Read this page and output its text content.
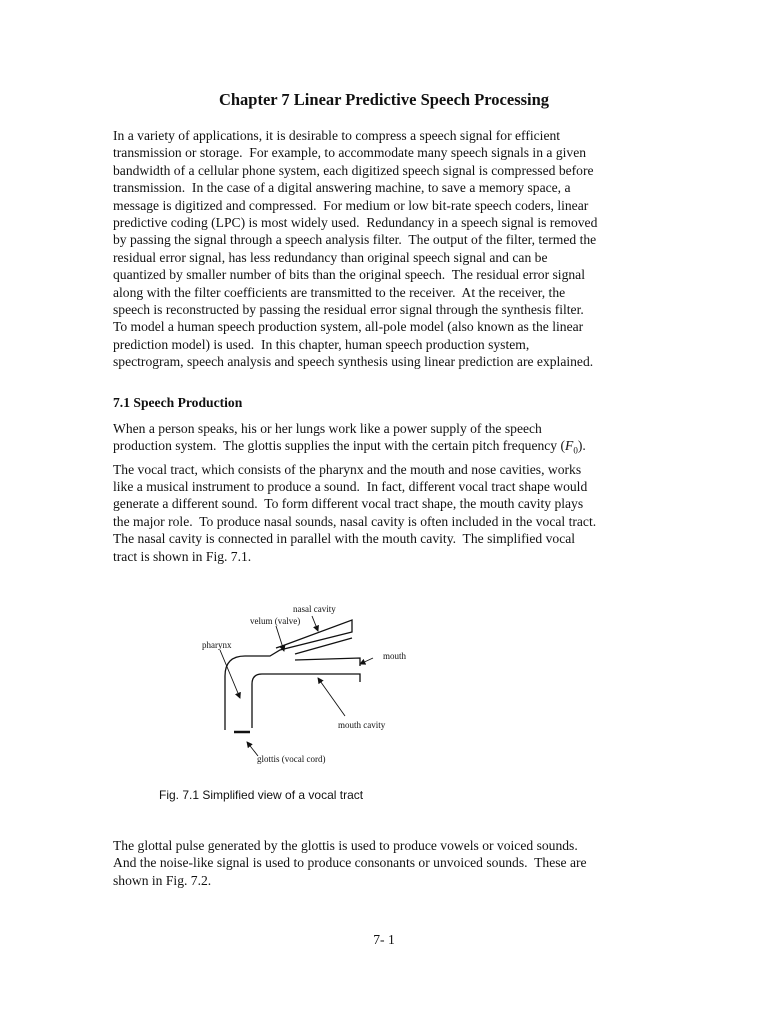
Chapter 7 Linear Predictive Speech Processing

In a variety of applications, it is desirable to compress a speech signal for efficient
transmission or storage.  For example, to accommodate many speech signals in a given
bandwidth of a cellular phone system, each digitized speech signal is compressed before
transmission.  In the case of a digital answering machine, to save a memory space, a
message is digitized and compressed.  For medium or low bit-rate speech coders, linear
predictive coding (LPC) is most widely used.  Redundancy in a speech signal is removed
by passing the signal through a speech analysis filter.  The output of the filter, termed the
residual error signal, has less redundancy than original speech signal and can be
quantized by smaller number of bits than the original speech.  The residual error signal
along with the filter coefficients are transmitted to the receiver.  At the receiver, the
speech is reconstructed by passing the residual error signal through the synthesis filter.
To model a human speech production system, all-pole model (also known as the linear
prediction model) is used.  In this chapter, human speech production system,
spectrogram, speech analysis and speech synthesis using linear prediction are explained.

7.1 Speech Production

When a person speaks, his or her lungs work like a power supply of the speech
production system.  The glottis supplies the input with the certain pitch frequency $(F_0)$.
The vocal tract, which consists of the pharynx and the mouth and nose cavities, works
like a musical instrument to produce a sound.  In fact, different vocal tract shape would
generate a different sound.  To form different vocal tract shape, the mouth cavity plays
the major role.  To produce nasal sounds, nasal cavity is often included in the vocal tract.
The nasal cavity is connected in parallel with the mouth cavity.  The simplified vocal
tract is shown in Fig. 7.1.

nasal cavity
velum (valve)
pharynx
mouth
mouth cavity
glottis (vocal cord)

Fig. 7.1 Simplified view of a vocal tract

The glottal pulse generated by the glottis is used to produce vowels or voiced sounds.
And the noise-like signal is used to produce consonants or unvoiced sounds.  These are
shown in Fig. 7.2.

7- 1
